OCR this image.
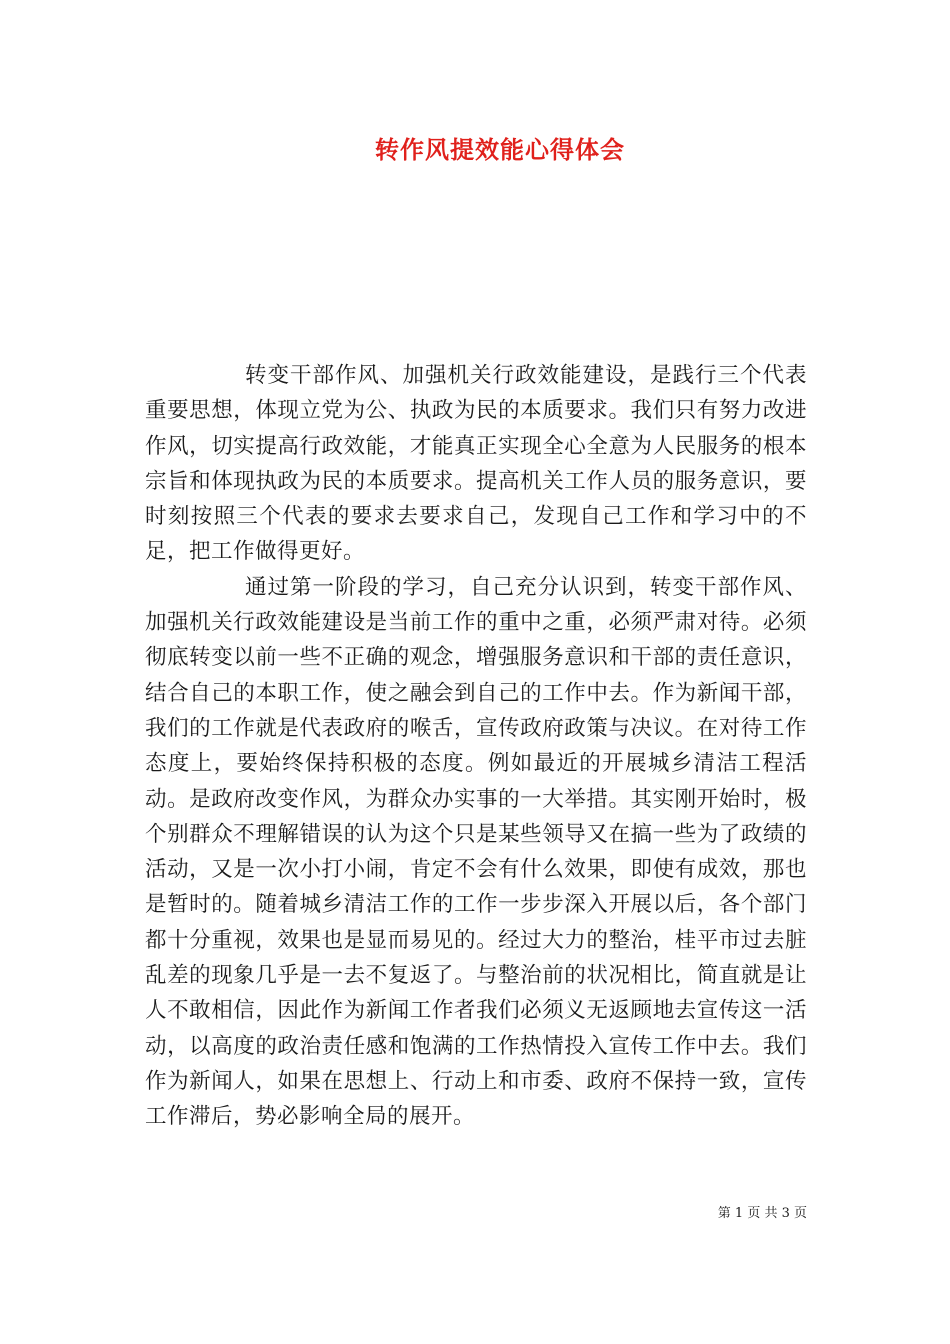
转作风提效能心得体会

转变干部作风、加强机关行政效能建设，是践行三个代表重要思想，体现立党为公、执政为民的本质要求。我们只有努力改进作风，切实提高行政效能，才能真正实现全心全意为人民服务的根本宗旨和体现执政为民的本质要求。提高机关工作人员的服务意识，要时刻按照三个代表的要求去要求自己，发现自己工作和学习中的不足，把工作做得更好。

通过第一阶段的学习，自己充分认识到，转变干部作风、加强机关行政效能建设是当前工作的重中之重，必须严肃对待。必须彻底转变以前一些不正确的观念，增强服务意识和干部的责任意识，结合自己的本职工作，使之融会到自己的工作中去。作为新闻干部，我们的工作就是代表政府的喉舌，宣传政府政策与决议。在对待工作态度上，要始终保持积极的态度。例如最近的开展城乡清洁工程活动。是政府改变作风，为群众办实事的一大举措。其实刚开始时，极个别群众不理解错误的认为这个只是某些领导又在搞一些为了政绩的活动，又是一次小打小闹，肯定不会有什么效果，即使有成效，那也是暂时的。随着城乡清洁工作的工作一步步深入开展以后，各个部门都十分重视，效果也是显而易见的。经过大力的整治，桂平市过去脏乱差的现象几乎是一去不复返了。与整治前的状况相比，简直就是让人不敢相信，因此作为新闻工作者我们必须义无返顾地去宣传这一活动，以高度的政治责任感和饱满的工作热情投入宣传工作中去。我们作为新闻人，如果在思想上、行动上和市委、政府不保持一致，宣传工作滞后，势必影响全局的展开。

第 1 页 共 3 页
